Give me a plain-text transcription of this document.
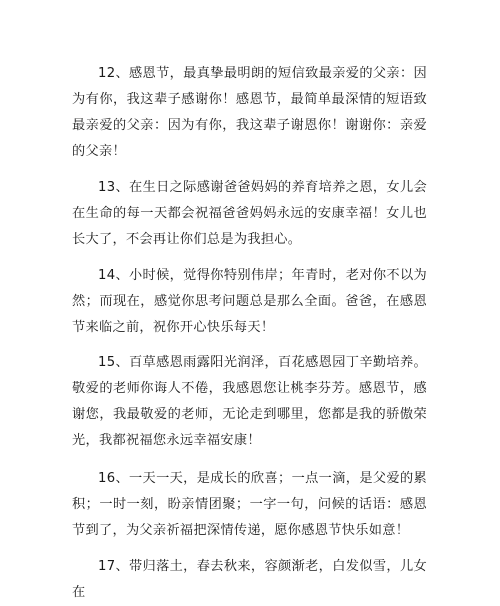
12、感恩节，最真挚最明朗的短信致最亲爱的父亲：因为有你，我这辈子感谢你！感恩节，最简单最深情的短语致最亲爱的父亲：因为有你，我这辈子谢恩你！谢谢你：亲爱的父亲！

13、在生日之际感谢爸爸妈妈的养育培养之恩，女儿会在生命的每一天都会祝福爸爸妈妈永远的安康幸福！女儿也长大了，不会再让你们总是为我担心。

14、小时候，觉得你特别伟岸；年青时，老对你不以为然；而现在，感觉你思考问题总是那么全面。爸爸，在感恩节来临之前，祝你开心快乐每天！

15、百草感恩雨露阳光润泽，百花感恩园丁辛勤培养。敬爱的老师你诲人不倦，我感恩您让桃李芬芳。感恩节，感谢您，我最敬爱的老师，无论走到哪里，您都是我的骄傲荣光，我都祝福您永远幸福安康！

16、一天一天，是成长的欣喜；一点一滴，是父爱的累积；一时一刻，盼亲情团聚；一字一句，问候的话语：感恩节到了，为父亲祈福把深情传递，愿你感恩节快乐如意！

17、带归落土，春去秋来，容颜渐老，白发似雪，儿女在
